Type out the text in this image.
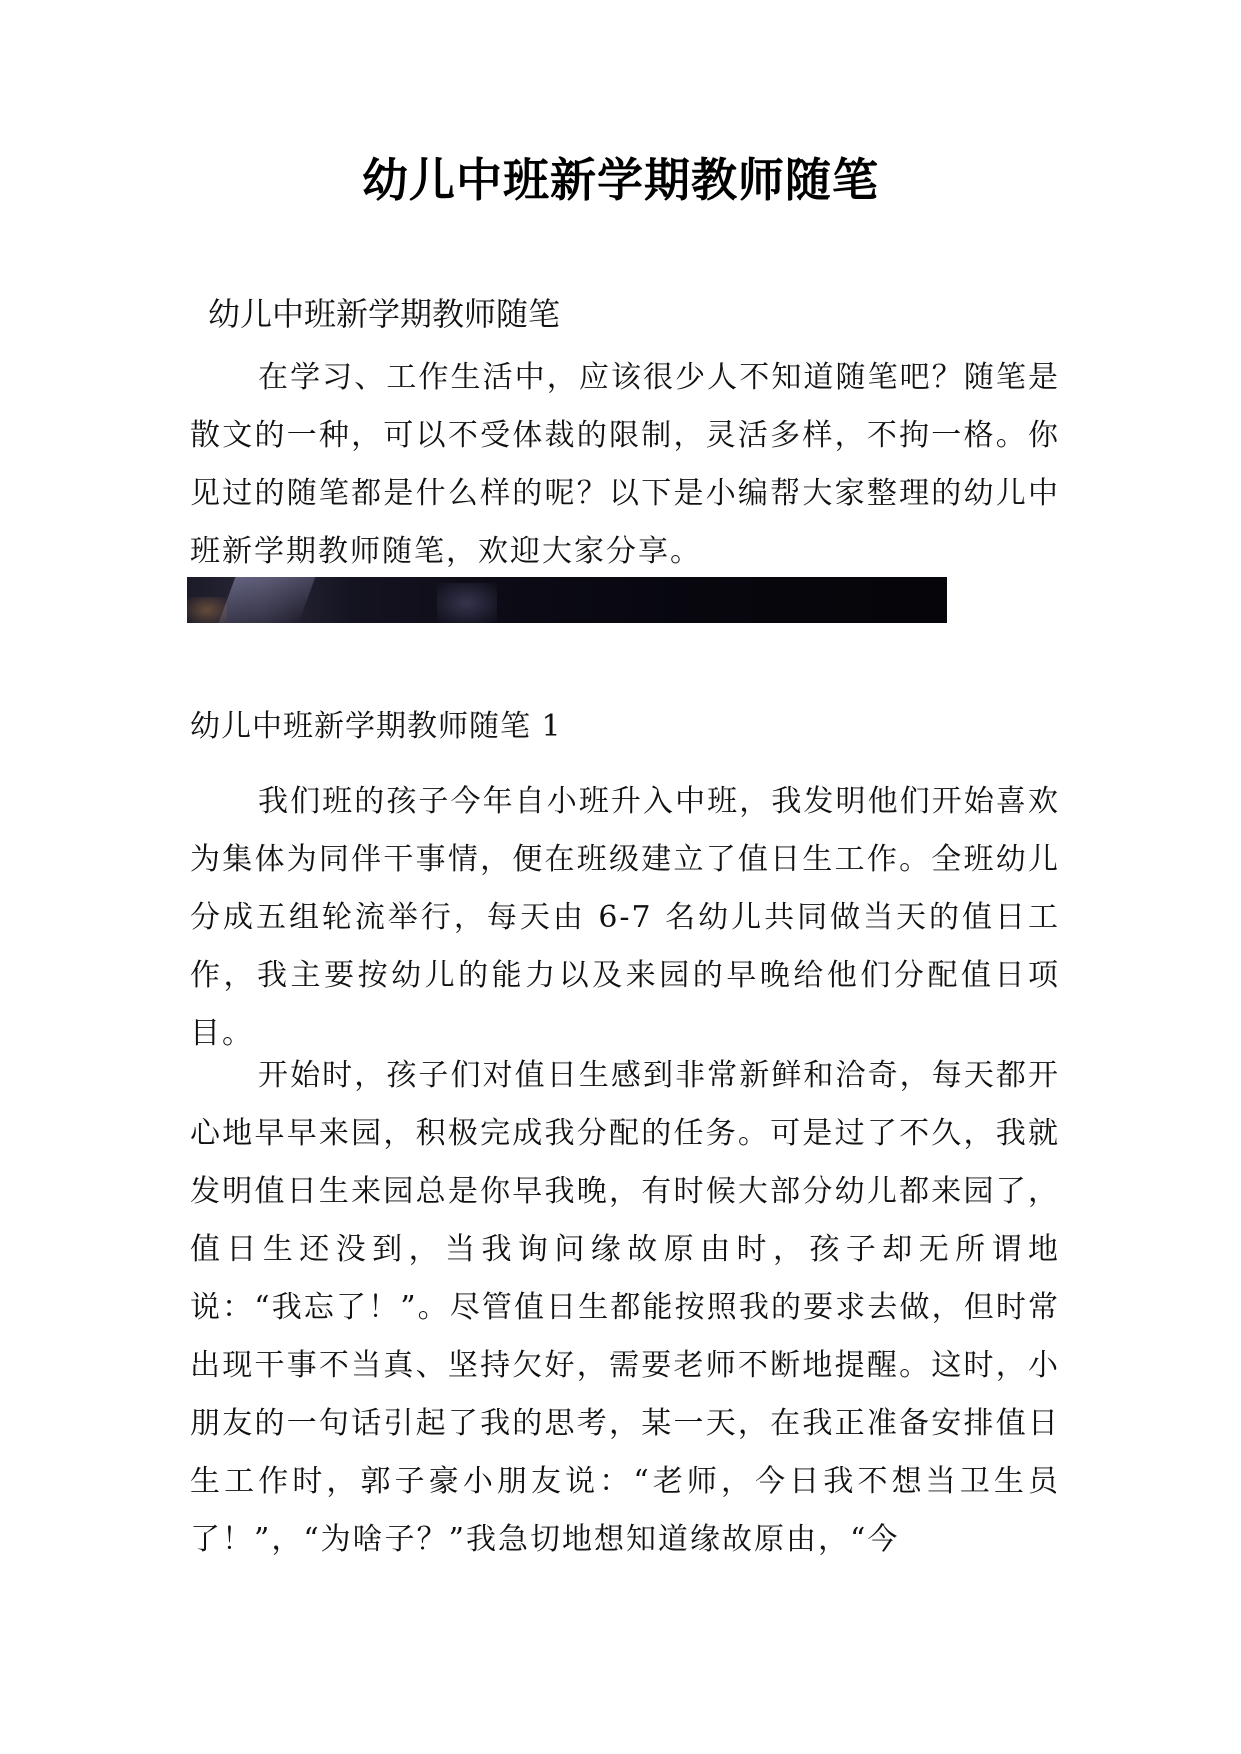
幼儿中班新学期教师随笔
幼儿中班新学期教师随笔

在学习、工作生活中，应该很少人不知道随笔吧？随笔是散文的一种，可以不受体裁的限制，灵活多样，不拘一格。你见过的随笔都是什么样的呢？以下是小编帮大家整理的幼儿中班新学期教师随笔，欢迎大家分享。

幼儿中班新学期教师随笔 1

我们班的孩子今年自小班升入中班，我发明他们开始喜欢为集体为同伴干事情，便在班级建立了值日生工作。全班幼儿分成五组轮流举行，每天由 6-7 名幼儿共同做当天的值日工作，我主要按幼儿的能力以及来园的早晚给他们分配值日项目。

开始时，孩子们对值日生感到非常新鲜和洽奇，每天都开心地早早来园，积极完成我分配的任务。可是过了不久，我就发明值日生来园总是你早我晚，有时候大部分幼儿都来园了，值日生还没到，当我询问缘故原由时，孩子却无所谓地说：“我忘了！”。尽管值日生都能按照我的要求去做，但时常出现干事不当真、坚持欠好，需要老师不断地提醒。这时，小朋友的一句话引起了我的思考，某一天，在我正准备安排值日生工作时，郭子豪小朋友说：“老师，今日我不想当卫生员了！”，“为啥子？”我急切地想知道缘故原由，“今
